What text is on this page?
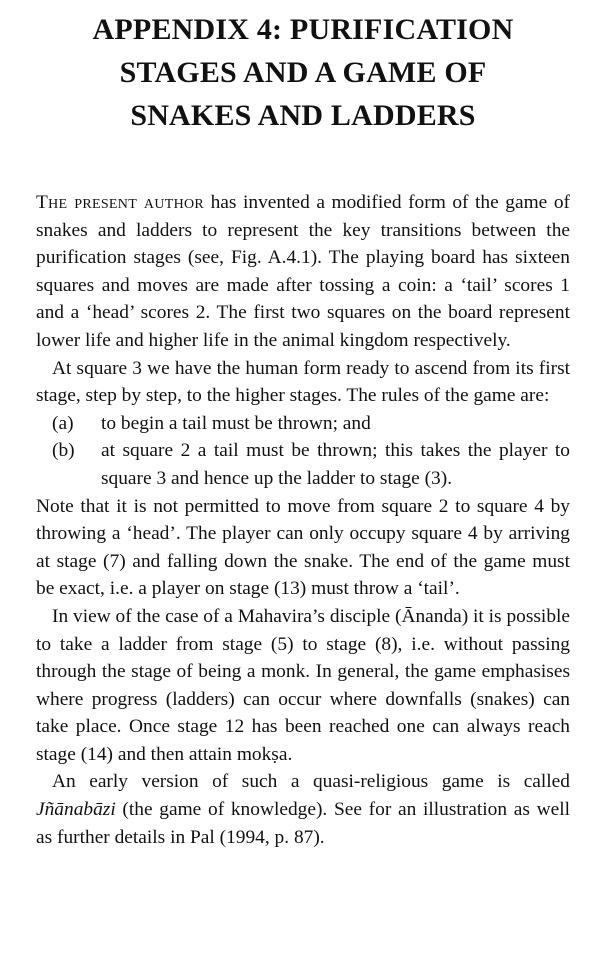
APPENDIX 4: PURIFICATION
STAGES AND A GAME OF
SNAKES AND LADDERS

The present author has invented a modified form of the game of snakes and ladders to represent the key transitions between the purification stages (see, Fig. A.4.1). The playing board has sixteen squares and moves are made after tossing a coin: a ‘tail’ scores 1 and a ‘head’ scores 2. The first two squares on the board represent lower life and higher life in the animal kingdom respectively.

At square 3 we have the human form ready to ascend from its first stage, step by step, to the higher stages. The rules of the game are:

(a)	to begin a tail must be thrown; and
(b)	at square 2 a tail must be thrown; this takes the player to square 3 and hence up the ladder to stage (3).

Note that it is not permitted to move from square 2 to square 4 by throwing a ‘head’. The player can only occupy square 4 by arriving at stage (7) and falling down the snake. The end of the game must be exact, i.e. a player on stage (13) must throw a ‘tail’.

In view of the case of a Mahavira’s disciple (Ānanda) it is possible to take a ladder from stage (5) to stage (8), i.e. without passing through the stage of being a monk. In general, the game emphasises where progress (ladders) can occur where downfalls (snakes) can take place. Once stage 12 has been reached one can always reach stage (14) and then attain mokṣa.

An early version of such a quasi-religious game is called Jñānabāzi (the game of knowledge). See for an illustration as well as further details in Pal (1994, p. 87).
